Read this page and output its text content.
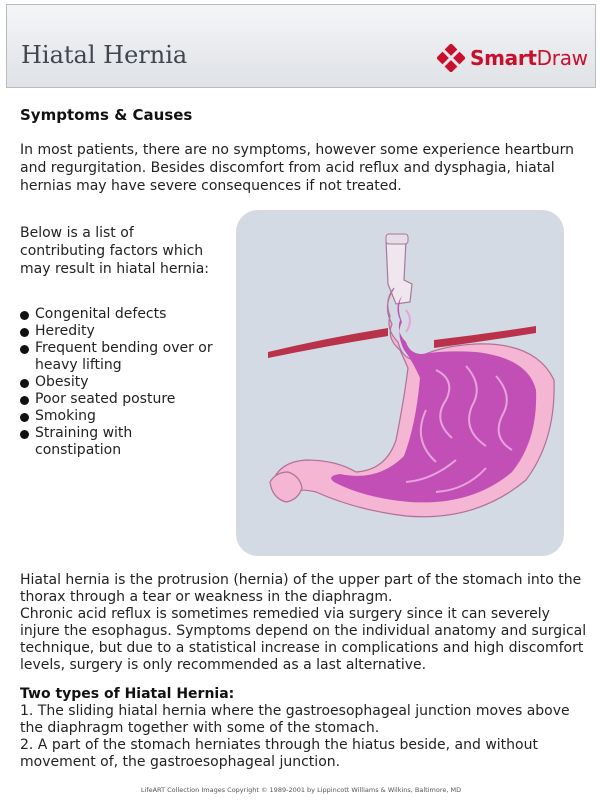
Hiatal Hernia	SmartDraw
Symptoms & Causes

In most patients, there are no symptoms, however some experience heartburn and regurgitation. Besides discomfort from acid reflux and dysphagia, hiatal hernias may have severe consequences if not treated.

Below is a list of contributing factors which may result in hiatal hernia:

Congenital defects
Heredity
Frequent bending over or heavy lifting
Obesity
Poor seated posture
Smoking
Straining with constipation

Hiatal hernia is the protrusion (hernia) of the upper part of the stomach into the thorax through a tear or weakness in the diaphragm.

Chronic acid reflux is sometimes remedied via surgery since it can severely injure the esophagus. Symptoms depend on the individual anatomy and surgical technique, but due to a statistical increase in complications and high discomfort levels, surgery is only recommended as a last alternative.

Two types of Hiatal Hernia:

1. The sliding hiatal hernia where the gastroesophageal junction moves above the diaphragm together with some of the stomach.

2. A part of the stomach herniates through the hiatus beside, and without movement of, the gastroesophageal junction.

LifeART Collection Images Copyright © 1989-2001 by Lippincott Williams & Wilkins, Baltimore, MD
